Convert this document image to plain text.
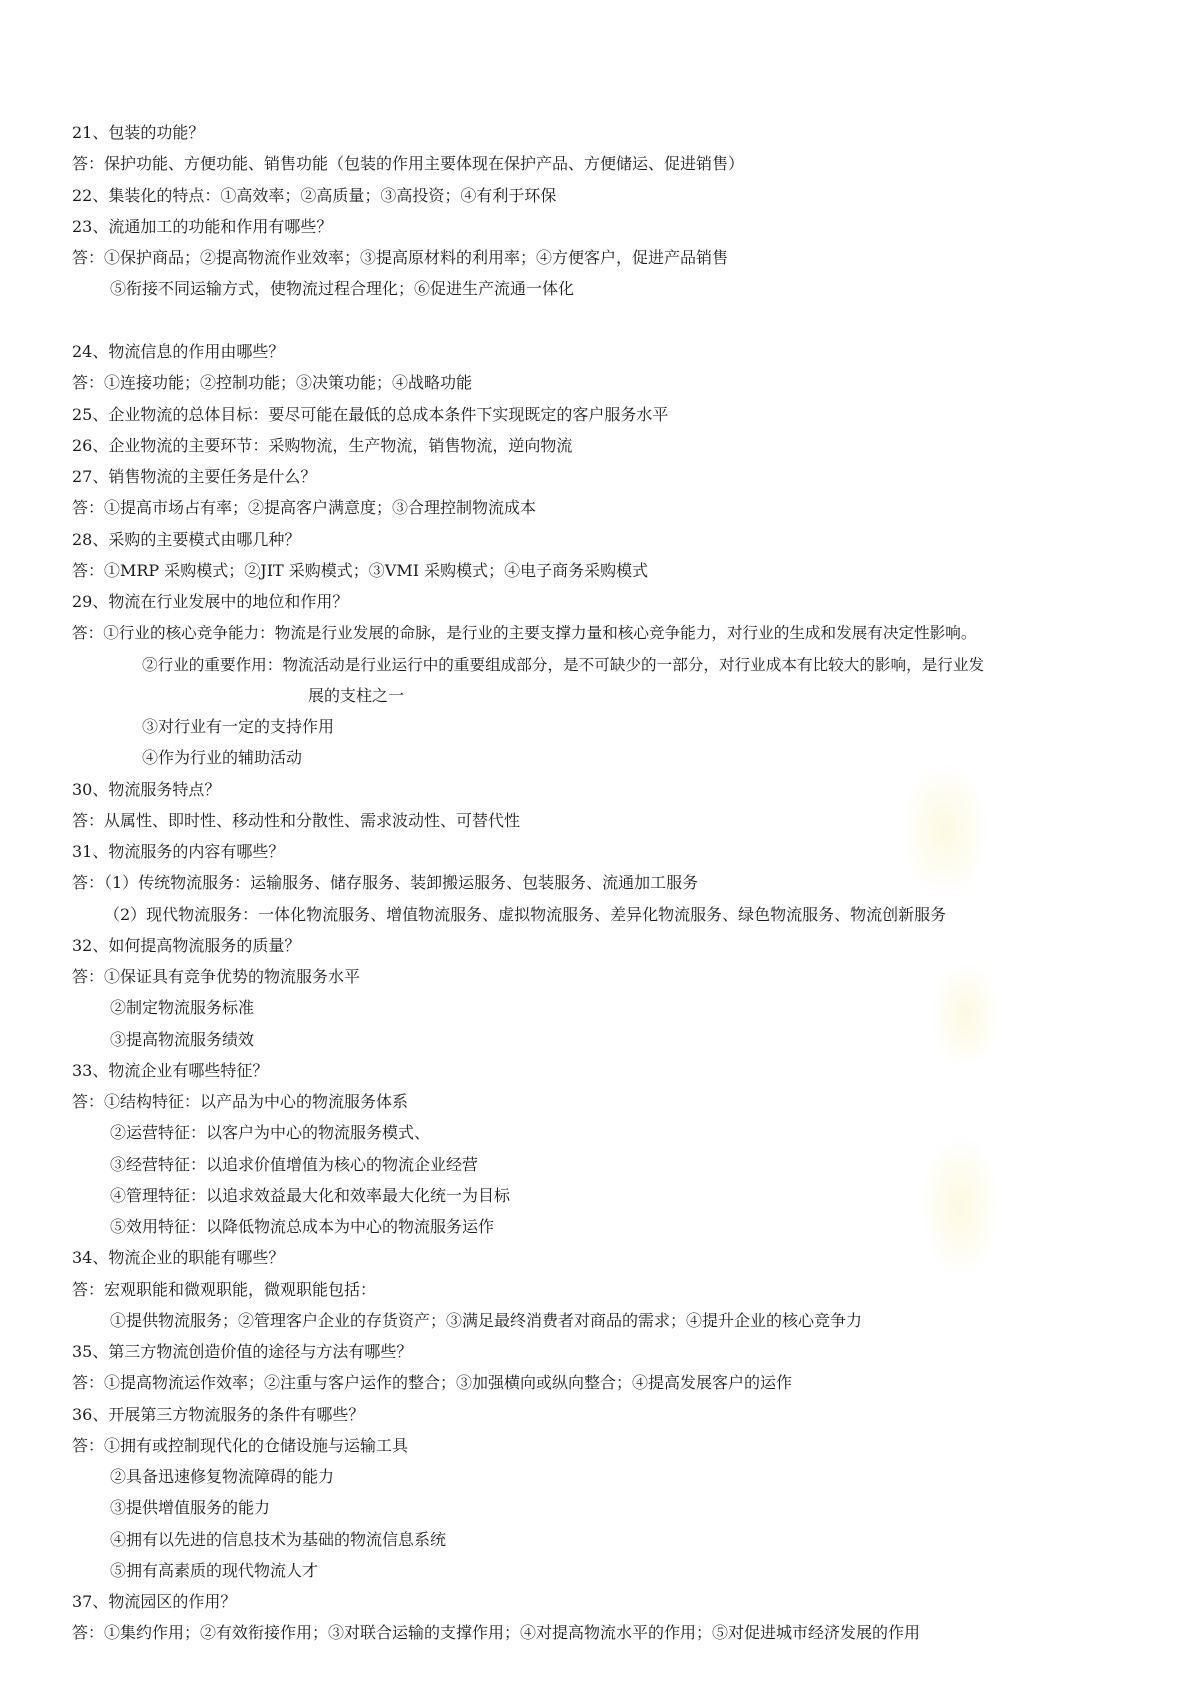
21、包装的功能？
答：保护功能、方便功能、销售功能（包装的作用主要体现在保护产品、方便储运、促进销售）
22、集装化的特点：①高效率；②高质量；③高投资；④有利于环保
23、流通加工的功能和作用有哪些？
答：①保护商品；②提高物流作业效率；③提高原材料的利用率；④方便客户，促进产品销售
⑤衔接不同运输方式，使物流过程合理化；⑥促进生产流通一体化
24、物流信息的作用由哪些？
答：①连接功能；②控制功能；③决策功能；④战略功能
25、企业物流的总体目标：要尽可能在最低的总成本条件下实现既定的客户服务水平
26、企业物流的主要环节：采购物流，生产物流，销售物流，逆向物流
27、销售物流的主要任务是什么？
答：①提高市场占有率；②提高客户满意度；③合理控制物流成本
28、采购的主要模式由哪几种？
答：①MRP 采购模式；②JIT 采购模式；③VMI 采购模式；④电子商务采购模式
29、物流在行业发展中的地位和作用？
答：①行业的核心竞争能力：物流是行业发展的命脉，是行业的主要支撑力量和核心竞争能力，对行业的生成和发展有决定性影响。
②行业的重要作用：物流活动是行业运行中的重要组成部分，是不可缺少的一部分，对行业成本有比较大的影响，是行业发
展的支柱之一
③对行业有一定的支持作用
④作为行业的辅助活动
30、物流服务特点？
答：从属性、即时性、移动性和分散性、需求波动性、可替代性
31、物流服务的内容有哪些？
答：（1）传统物流服务：运输服务、储存服务、装卸搬运服务、包装服务、流通加工服务
（2）现代物流服务：一体化物流服务、增值物流服务、虚拟物流服务、差异化物流服务、绿色物流服务、物流创新服务
32、如何提高物流服务的质量？
答：①保证具有竞争优势的物流服务水平
②制定物流服务标准
③提高物流服务绩效
33、物流企业有哪些特征？
答：①结构特征：以产品为中心的物流服务体系
②运营特征：以客户为中心的物流服务模式、
③经营特征：以追求价值增值为核心的物流企业经营
④管理特征：以追求效益最大化和效率最大化统一为目标
⑤效用特征：以降低物流总成本为中心的物流服务运作
34、物流企业的职能有哪些？
答：宏观职能和微观职能，微观职能包括：
①提供物流服务；②管理客户企业的存货资产；③满足最终消费者对商品的需求；④提升企业的核心竞争力
35、第三方物流创造价值的途径与方法有哪些？
答：①提高物流运作效率；②注重与客户运作的整合；③加强横向或纵向整合；④提高发展客户的运作
36、开展第三方物流服务的条件有哪些？
答：①拥有或控制现代化的仓储设施与运输工具
②具备迅速修复物流障碍的能力
③提供增值服务的能力
④拥有以先进的信息技术为基础的物流信息系统
⑤拥有高素质的现代物流人才
37、物流园区的作用？
答：①集约作用；②有效衔接作用；③对联合运输的支撑作用；④对提高物流水平的作用；⑤对促进城市经济发展的作用
